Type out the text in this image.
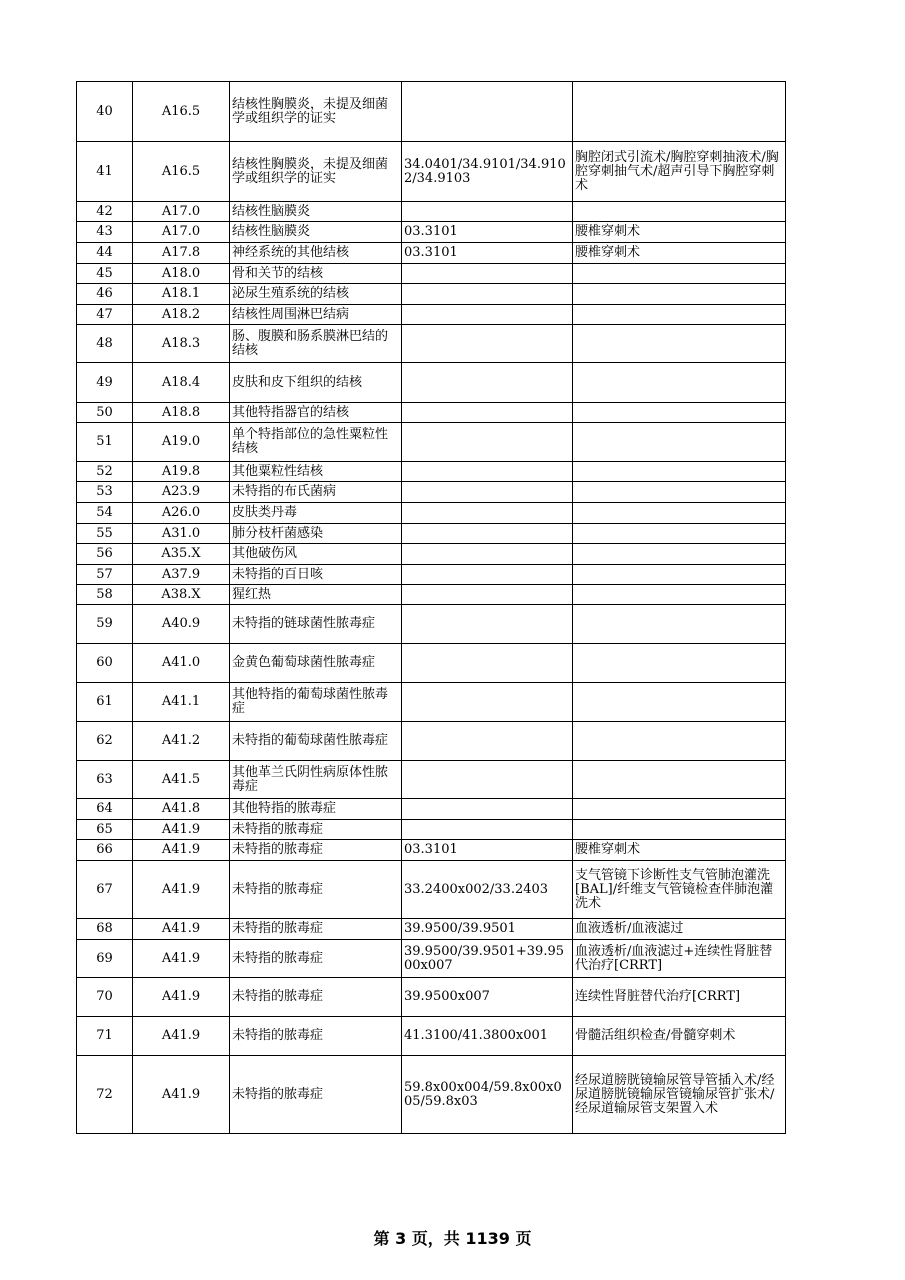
40	A16.5	结核性胸膜炎，未提及细菌学或组织学的证实		
41	A16.5	结核性胸膜炎，未提及细菌学或组织学的证实	34.0401/34.9101/34.9102/34.9103	胸腔闭式引流术/胸腔穿刺抽液术/胸腔穿刺抽气术/超声引导下胸腔穿刺术
42	A17.0	结核性脑膜炎		
43	A17.0	结核性脑膜炎	03.3101	腰椎穿刺术
44	A17.8	神经系统的其他结核	03.3101	腰椎穿刺术
45	A18.0	骨和关节的结核		
46	A18.1	泌尿生殖系统的结核		
47	A18.2	结核性周围淋巴结病		
48	A18.3	肠、腹膜和肠系膜淋巴结的结核		
49	A18.4	皮肤和皮下组织的结核		
50	A18.8	其他特指器官的结核		
51	A19.0	单个特指部位的急性粟粒性结核		
52	A19.8	其他粟粒性结核		
53	A23.9	未特指的布氏菌病		
54	A26.0	皮肤类丹毒		
55	A31.0	肺分枝杆菌感染		
56	A35.X	其他破伤风		
57	A37.9	未特指的百日咳		
58	A38.X	猩红热		
59	A40.9	未特指的链球菌性脓毒症		
60	A41.0	金黄色葡萄球菌性脓毒症		
61	A41.1	其他特指的葡萄球菌性脓毒症		
62	A41.2	未特指的葡萄球菌性脓毒症		
63	A41.5	其他革兰氏阴性病原体性脓毒症		
64	A41.8	其他特指的脓毒症		
65	A41.9	未特指的脓毒症		
66	A41.9	未特指的脓毒症	03.3101	腰椎穿刺术
67	A41.9	未特指的脓毒症	33.2400x002/33.2403	支气管镜下诊断性支气管肺泡灌洗[BAL]/纤维支气管镜检查伴肺泡灌洗术
68	A41.9	未特指的脓毒症	39.9500/39.9501	血液透析/血液滤过
69	A41.9	未特指的脓毒症	39.9500/39.9501+39.9500x007	血液透析/血液滤过+连续性肾脏替代治疗[CRRT]
70	A41.9	未特指的脓毒症	39.9500x007	连续性肾脏替代治疗[CRRT]
71	A41.9	未特指的脓毒症	41.3100/41.3800x001	骨髓活组织检查/骨髓穿刺术
72	A41.9	未特指的脓毒症	59.8x00x004/59.8x00x005/59.8x03	经尿道膀胱镜输尿管导管插入术/经尿道膀胱镜输尿管镜输尿管扩张术/经尿道输尿管支架置入术
第 3 页，共 1139 页
